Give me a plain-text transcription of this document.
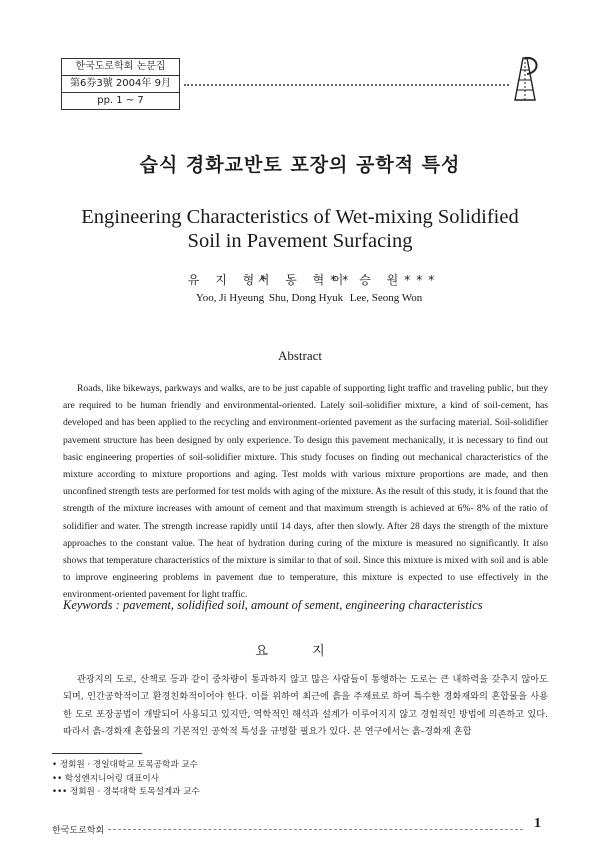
한국도로학회 논문집
第6券3號 2004年 9月
pp. 1 ~ 7
습식 경화교반토 포장의 공학적 특성
Engineering Characteristics of Wet-mixing Solidified Soil in Pavement Surfacing
유 지 형*
Yoo, Ji Hyeung
서 동 혁**
Shu, Dong Hyuk
이 승 원***
Lee, Seong Won
Abstract
Roads, like bikeways, parkways and walks, are to be just capable of supporting light traffic and traveling public, but they are required to be human friendly and environmental-oriented. Lately soil-solidifier mixture, a kind of soil-cement, has developed and has been applied to the recycling and environment-oriented pavement as the surfacing material. Soil-solidifier pavement structure has been designed by only experience. To design this pavement mechanically, it is necessary to find out basic engineering properties of soil-solidifier mixture. This study focuses on finding out mechanical characteristics of the mixture according to mixture proportions and aging. Test molds with various mixture proportions are made, and then unconfined strength tests are performed for test molds with aging of the mixture. As the result of this study, it is found that the strength of the mixture increases with amount of cement and that maximum strength is achieved at 6%- 8% of the ratio of solidifier and water. The strength increase rapidly until 14 days, after then slowly. After 28 days the strength of the mixture approaches to the constant value. The heat of hydration during curing of the mixture is measured no significantly. It also shows that temperature characteristics of the mixture is similar to that of soil. Since this mixture is mixed with soil and is able to improve engineering problems in pavement due to temperature, this mixture is expected to use effectively in the environment-oriented pavement for light traffic.
Keywords : pavement, solidified soil, amount of sement, engineering characteristics
요 지
관광지의 도로, 산책로 등과 같이 중차량이 통과하지 않고 많은 사람들이 통행하는 도로는 큰 내하력을 갖추지 않아도 되며, 인간공학적이고 환경친화적이어야 한다. 이를 위하여 최근에 흙을 주재료로 하여 특수한 경화재와의 혼합물을 사용한 도로 포장공법이 개발되어 사용되고 있지만, 역학적인 해석과 설계가 이루어지지 않고 경험적인 방법에 의존하고 있다. 따라서 흙-경화재 혼합물의 기본적인 공학적 특성을 규명할 필요가 있다. 본 연구에서는 흙-경화재 혼합
• 정회원 · 경일대학교 토목공학과 교수
•• 학성엔지니어링 대표이사
••• 정회원 · 경북대학 토목설계과 교수
한국도로학회	1
